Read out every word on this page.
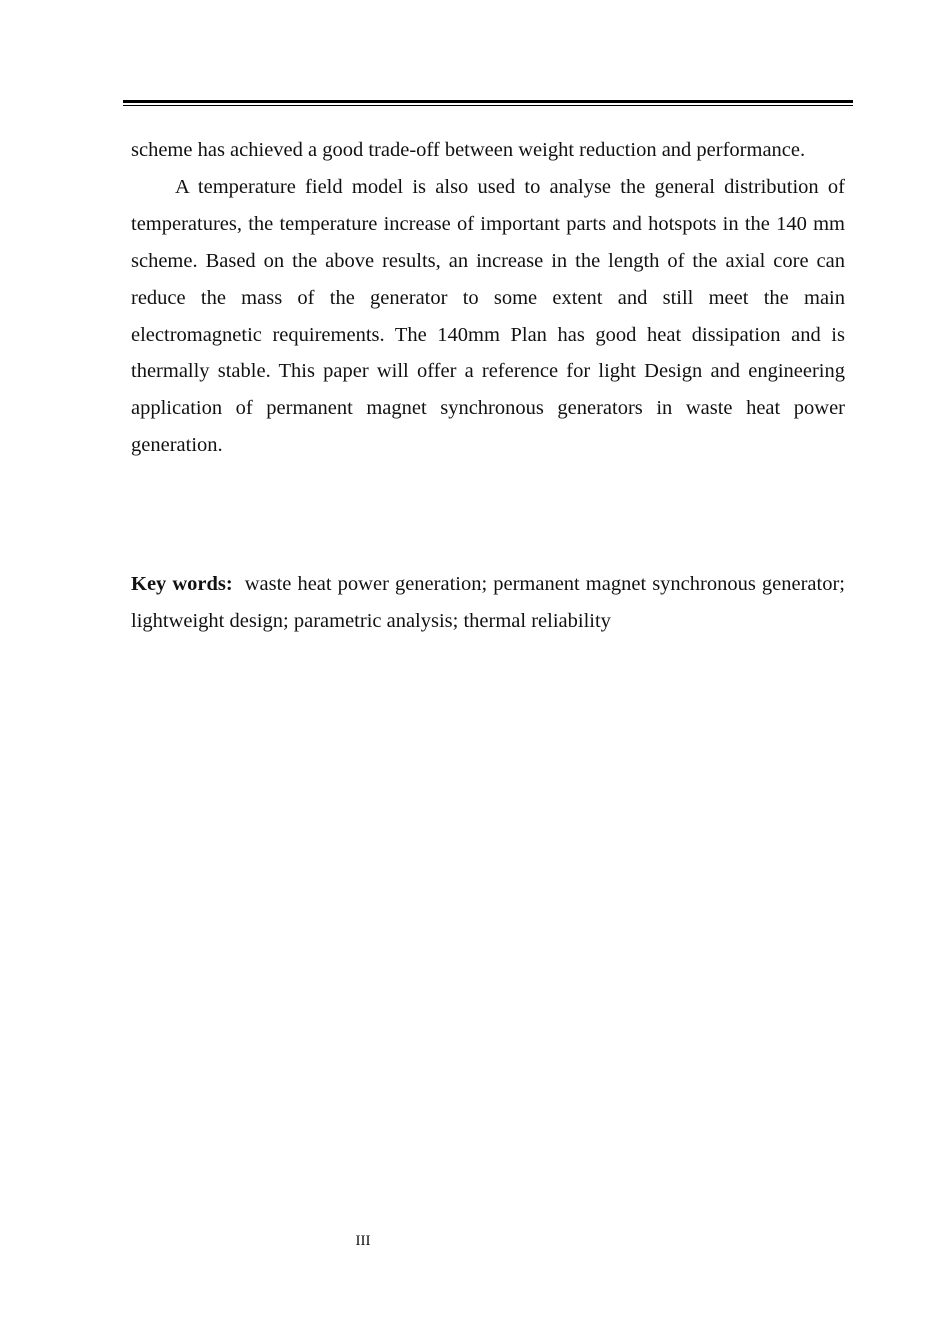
scheme has achieved a good trade-off between weight reduction and performance.

A temperature field model is also used to analyse the general distribution of temperatures, the temperature increase of important parts and hotspots in the 140 mm scheme. Based on the above results, an increase in the length of the axial core can reduce the mass of the generator to some extent and still meet the main electromagnetic requirements. The 140mm Plan has good heat dissipation and is thermally stable. This paper will offer a reference for light Design and engineering application of permanent magnet synchronous generators in waste heat power generation.

Key words: waste heat power generation; permanent magnet synchronous generator; lightweight design; parametric analysis; thermal reliability

III
